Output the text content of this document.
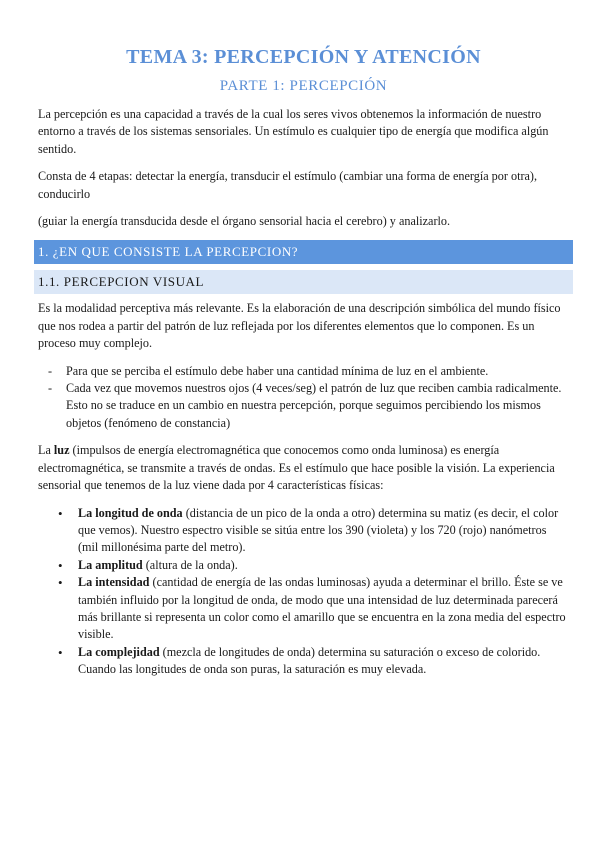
TEMA 3: PERCEPCIÓN Y ATENCIÓN
PARTE 1: PERCEPCIÓN

La percepción es una capacidad a través de la cual los seres vivos obtenemos la información de nuestro entorno a través de los sistemas sensoriales. Un estímulo es cualquier tipo de energía que modifica algún sentido.

Consta de 4 etapas: detectar la energía, transducir el estímulo (cambiar una forma de energía por otra), conducirlo

(guiar la energía transducida desde el órgano sensorial hacia el cerebro) y analizarlo.

1. ¿EN QUE CONSISTE LA PERCEPCION?
1.1. PERCEPCION VISUAL

Es la modalidad perceptiva más relevante. Es la elaboración de una descripción simbólica del mundo físico que nos rodea a partir del patrón de luz reflejada por los diferentes elementos que lo componen. Es un proceso muy complejo.

- Para que se perciba el estímulo debe haber una cantidad mínima de luz en el ambiente.
- Cada vez que movemos nuestros ojos (4 veces/seg) el patrón de luz que reciben cambia radicalmente. Esto no se traduce en un cambio en nuestra percepción, porque seguimos percibiendo los mismos objetos (fenómeno de constancia)

La luz (impulsos de energía electromagnética que conocemos como onda luminosa) es energía electromagnética, se transmite a través de ondas. Es el estímulo que hace posible la visión. La experiencia sensorial que tenemos de la luz viene dada por 4 características físicas:

• La longitud de onda (distancia de un pico de la onda a otro) determina su matiz (es decir, el color que vemos). Nuestro espectro visible se sitúa entre los 390 (violeta) y los 720 (rojo) nanómetros (mil millonésima parte del metro).
• La amplitud (altura de la onda).
• La intensidad (cantidad de energía de las ondas luminosas) ayuda a determinar el brillo. Éste se ve también influido por la longitud de onda, de modo que una intensidad de luz determinada parecerá más brillante si representa un color como el amarillo que se encuentra en la zona media del espectro visible.
• La complejidad (mezcla de longitudes de onda) determina su saturación o exceso de colorido. Cuando las longitudes de onda son puras, la saturación es muy elevada.
